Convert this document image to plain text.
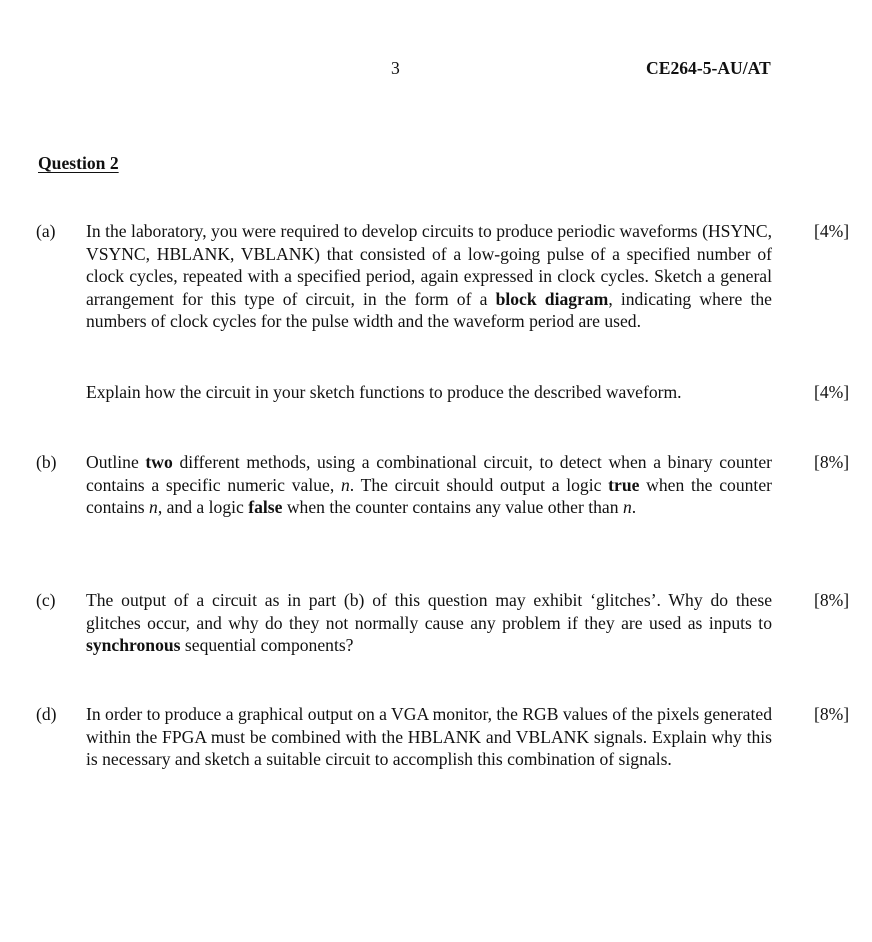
3	CE264-5-AU/AT
Question 2
(a) In the laboratory, you were required to develop circuits to produce periodic waveforms (HSYNC, VSYNC, HBLANK, VBLANK) that consisted of a low-going pulse of a specified number of clock cycles, repeated with a specified period, again expressed in clock cycles. Sketch a general arrangement for this type of circuit, in the form of a block diagram, indicating where the numbers of clock cycles for the pulse width and the waveform period are used.

[4%]

Explain how the circuit in your sketch functions to produce the described waveform.	[4%]
(b) Outline two different methods, using a combinational circuit, to detect when a binary counter contains a specific numeric value, n. The circuit should output a logic true when the counter contains n, and a logic false when the counter contains any value other than n.

[8%]
(c) The output of a circuit as in part (b) of this question may exhibit ‘glitches’. Why do these glitches occur, and why do they not normally cause any problem if they are used as inputs to synchronous sequential components?

[8%]
(d) In order to produce a graphical output on a VGA monitor, the RGB values of the pixels generated within the FPGA must be combined with the HBLANK and VBLANK signals. Explain why this is necessary and sketch a suitable circuit to accomplish this combination of signals.

[8%]
